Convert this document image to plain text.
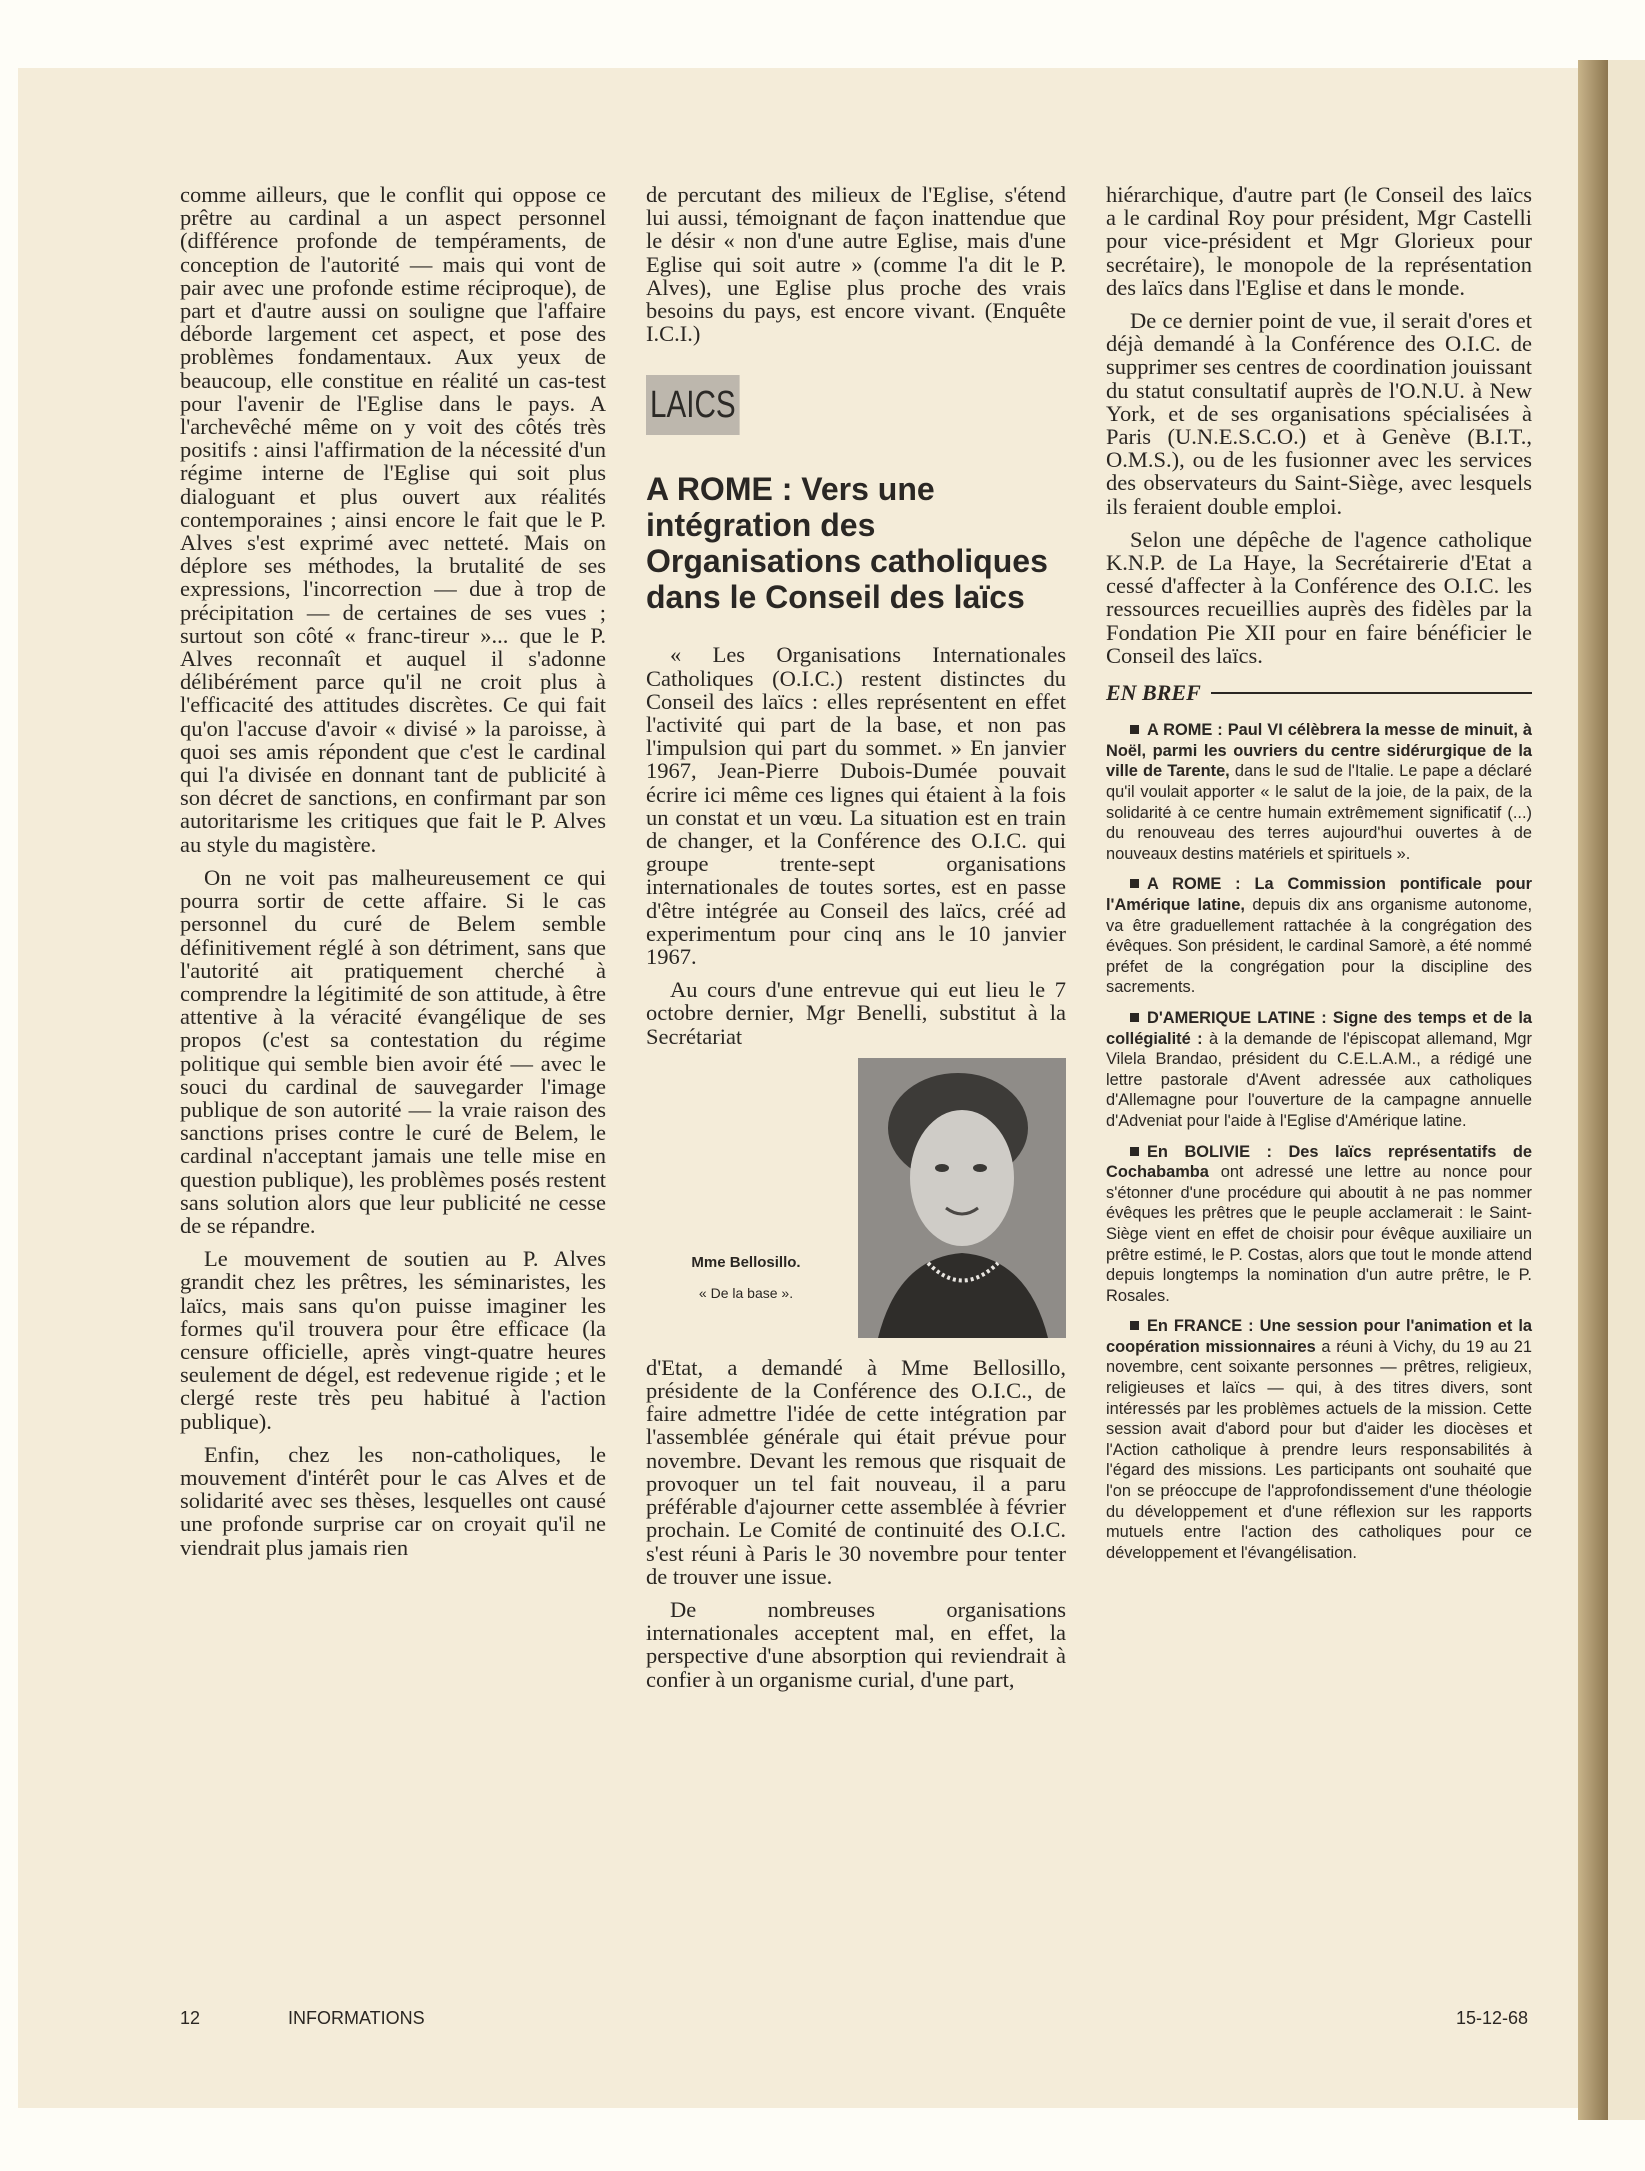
comme ailleurs, que le conflit qui oppose ce prêtre au cardinal a un aspect personnel (différence profonde de tempéraments, de conception de l'autorité — mais qui vont de pair avec une profonde estime réciproque), de part et d'autre aussi on souligne que l'affaire déborde largement cet aspect, et pose des problèmes fondamentaux. Aux yeux de beaucoup, elle constitue en réalité un cas-test pour l'avenir de l'Eglise dans le pays. A l'archevêché même on y voit des côtés très positifs : ainsi l'affirmation de la nécessité d'un régime interne de l'Eglise qui soit plus dialoguant et plus ouvert aux réalités contemporaines ; ainsi encore le fait que le P. Alves s'est exprimé avec netteté. Mais on déplore ses méthodes, la brutalité de ses expressions, l'incorrection — due à trop de précipitation — de certaines de ses vues ; surtout son côté « franc-tireur »... que le P. Alves reconnaît et auquel il s'adonne délibérément parce qu'il ne croit plus à l'efficacité des attitudes discrètes. Ce qui fait qu'on l'accuse d'avoir « divisé » la paroisse, à quoi ses amis répondent que c'est le cardinal qui l'a divisée en donnant tant de publicité à son décret de sanctions, en confirmant par son autoritarisme les critiques que fait le P. Alves au style du magistère.

On ne voit pas malheureusement ce qui pourra sortir de cette affaire. Si le cas personnel du curé de Belem semble définitivement réglé à son détriment, sans que l'autorité ait pratiquement cherché à comprendre la légitimité de son attitude, à être attentive à la véracité évangélique de ses propos (c'est sa contestation du régime politique qui semble bien avoir été — avec le souci du cardinal de sauvegarder l'image publique de son autorité — la vraie raison des sanctions prises contre le curé de Belem, le cardinal n'acceptant jamais une telle mise en question publique), les problèmes posés restent sans solution alors que leur publicité ne cesse de se répandre.

Le mouvement de soutien au P. Alves grandit chez les prêtres, les séminaristes, les laïcs, mais sans qu'on puisse imaginer les formes qu'il trouvera pour être efficace (la censure officielle, après vingt-quatre heures seulement de dégel, est redevenue rigide ; et le clergé reste très peu habitué à l'action publique).

Enfin, chez les non-catholiques, le mouvement d'intérêt pour le cas Alves et de solidarité avec ses thèses, lesquelles ont causé une profonde surprise car on croyait qu'il ne viendrait plus jamais rien

de percutant des milieux de l'Eglise, s'étend lui aussi, témoignant de façon inattendue que le désir « non d'une autre Eglise, mais d'une Eglise qui soit autre » (comme l'a dit le P. Alves), une Eglise plus proche des vrais besoins du pays, est encore vivant. (Enquête I.C.I.)

LAICS
A ROME : Vers une intégration des Organisations catholiques dans le Conseil des laïcs

« Les Organisations Internationales Catholiques (O.I.C.) restent distinctes du Conseil des laïcs : elles représentent en effet l'activité qui part de la base, et non pas l'impulsion qui part du sommet. » En janvier 1967, Jean-Pierre Dubois-Dumée pouvait écrire ici même ces lignes qui étaient à la fois un constat et un vœu. La situation est en train de changer, et la Conférence des O.I.C. qui groupe trente-sept organisations internationales de toutes sortes, est en passe d'être intégrée au Conseil des laïcs, créé ad experimentum pour cinq ans le 10 janvier 1967.

Au cours d'une entrevue qui eut lieu le 7 octobre dernier, Mgr Benelli, substitut à la Secrétariat

Mme Bellosillo.
« De la base ».

d'Etat, a demandé à Mme Bellosillo, présidente de la Conférence des O.I.C., de faire admettre l'idée de cette intégration par l'assemblée générale qui était prévue pour novembre. Devant les remous que risquait de provoquer un tel fait nouveau, il a paru préférable d'ajourner cette assemblée à février prochain. Le Comité de continuité des O.I.C. s'est réuni à Paris le 30 novembre pour tenter de trouver une issue.

De nombreuses organisations internationales acceptent mal, en effet, la perspective d'une absorption qui reviendrait à confier à un organisme curial, d'une part,

hiérarchique, d'autre part (le Conseil des laïcs a le cardinal Roy pour président, Mgr Castelli pour vice-président et Mgr Glorieux pour secrétaire), le monopole de la représentation des laïcs dans l'Eglise et dans le monde.

De ce dernier point de vue, il serait d'ores et déjà demandé à la Conférence des O.I.C. de supprimer ses centres de coordination jouissant du statut consultatif auprès de l'O.N.U. à New York, et de ses organisations spécialisées à Paris (U.N.E.S.C.O.) et à Genève (B.I.T., O.M.S.), ou de les fusionner avec les services des observateurs du Saint-Siège, avec lesquels ils feraient double emploi.

Selon une dépêche de l'agence catholique K.N.P. de La Haye, la Secrétairerie d'Etat a cessé d'affecter à la Conférence des O.I.C. les ressources recueillies auprès des fidèles par la Fondation Pie XII pour en faire bénéficier le Conseil des laïcs.

EN BREF

A ROME : Paul VI célèbrera la messe de minuit, à Noël, parmi les ouvriers du centre sidérurgique de la ville de Tarente, dans le sud de l'Italie. Le pape a déclaré qu'il voulait apporter « le salut de la joie, de la paix, de la solidarité à ce centre humain extrêmement significatif (...) du renouveau des terres aujourd'hui ouvertes à de nouveaux destins matériels et spirituels ».

A ROME : La Commission pontificale pour l'Amérique latine, depuis dix ans organisme autonome, va être graduellement rattachée à la congrégation des évêques. Son président, le cardinal Samorè, a été nommé préfet de la congrégation pour la discipline des sacrements.

D'AMERIQUE LATINE : Signe des temps et de la collégialité : à la demande de l'épiscopat allemand, Mgr Vilela Brandao, président du C.E.L.A.M., a rédigé une lettre pastorale d'Avent adressée aux catholiques d'Allemagne pour l'ouverture de la campagne annuelle d'Adveniat pour l'aide à l'Eglise d'Amérique latine.

En BOLIVIE : Des laïcs représentatifs de Cochabamba ont adressé une lettre au nonce pour s'étonner d'une procédure qui aboutit à ne pas nommer évêques les prêtres que le peuple acclamerait : le Saint-Siège vient en effet de choisir pour évêque auxiliaire un prêtre estimé, le P. Costas, alors que tout le monde attend depuis longtemps la nomination d'un autre prêtre, le P. Rosales.

En FRANCE : Une session pour l'animation et la coopération missionnaires a réuni à Vichy, du 19 au 21 novembre, cent soixante personnes — prêtres, religieux, religieuses et laïcs — qui, à des titres divers, sont intéressés par les problèmes actuels de la mission. Cette session avait d'abord pour but d'aider les diocèses et l'Action catholique à prendre leurs responsabilités à l'égard des missions. Les participants ont souhaité que l'on se préoccupe de l'approfondissement d'une théologie du développement et d'une réflexion sur les rapports mutuels entre l'action des catholiques pour ce développement et l'évangélisation.

12	INFORMATIONS	15-12-68
